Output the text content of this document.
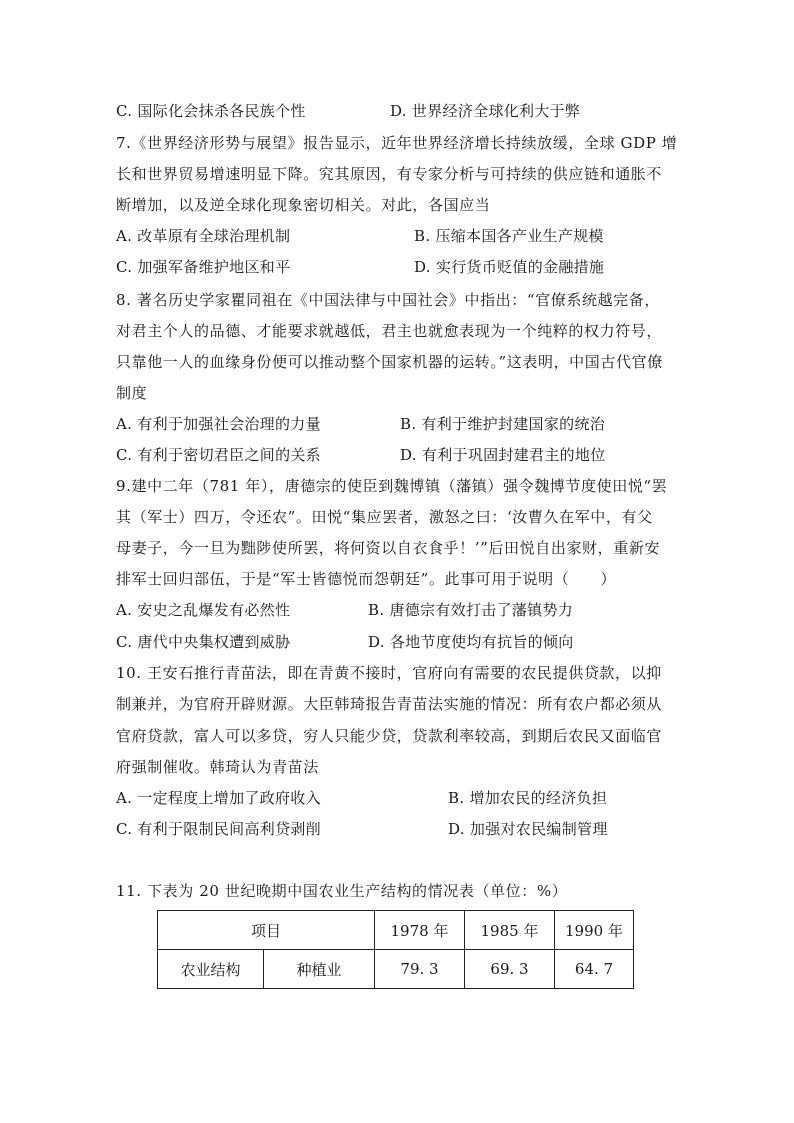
C. 国际化会抹杀各民族个性	D. 世界经济全球化利大于弊
7.《世界经济形势与展望》报告显示，近年世界经济增长持续放缓，全球 GDP 增
长和世界贸易增速明显下降。究其原因，有专家分析与可持续的供应链和通胀不
断增加，以及逆全球化现象密切相关。对此，各国应当
A. 改革原有全球治理机制	B. 压缩本国各产业生产规模
C. 加强军备维护地区和平	D. 实行货币贬值的金融措施
8. 著名历史学家瞿同祖在《中国法律与中国社会》中指出：“官僚系统越完备，
对君主个人的品德、才能要求就越低，君主也就愈表现为一个纯粹的权力符号，
只靠他一人的血缘身份便可以推动整个国家机器的运转。”这表明，中国古代官僚
制度
A. 有利于加强社会治理的力量	B. 有利于维护封建国家的统治
C. 有利于密切君臣之间的关系	D. 有利于巩固封建君主的地位
9.建中二年（781 年），唐德宗的使臣到魏博镇（藩镇）强令魏博节度使田悦“罢
其（军士）四万，令还农”。田悦“集应罢者，激怒之曰：‘汝曹久在军中，有父
母妻子，今一旦为黜陟使所罢，将何资以自衣食乎！’”后田悦自出家财，重新安
排军士回归部伍，于是“军士皆德悦而怨朝廷”。此事可用于说明（　　）
A. 安史之乱爆发有必然性	B. 唐德宗有效打击了藩镇势力
C. 唐代中央集权遭到威胁	D. 各地节度使均有抗旨的倾向
10. 王安石推行青苗法，即在青黄不接时，官府向有需要的农民提供贷款，以抑
制兼并，为官府开辟财源。大臣韩琦报告青苗法实施的情况：所有农户都必须从
官府贷款，富人可以多贷，穷人只能少贷，贷款利率较高，到期后农民又面临官
府强制催收。韩琦认为青苗法
A. 一定程度上增加了政府收入	B. 增加农民的经济负担
C. 有利于限制民间高利贷剥削	D. 加强对农民编制管理
11. 下表为 20 世纪晚期中国农业生产结构的情况表（单位：%）
项目		1978 年	1985 年	1990 年
农业结构	种植业	79. 3	69. 3	64. 7
